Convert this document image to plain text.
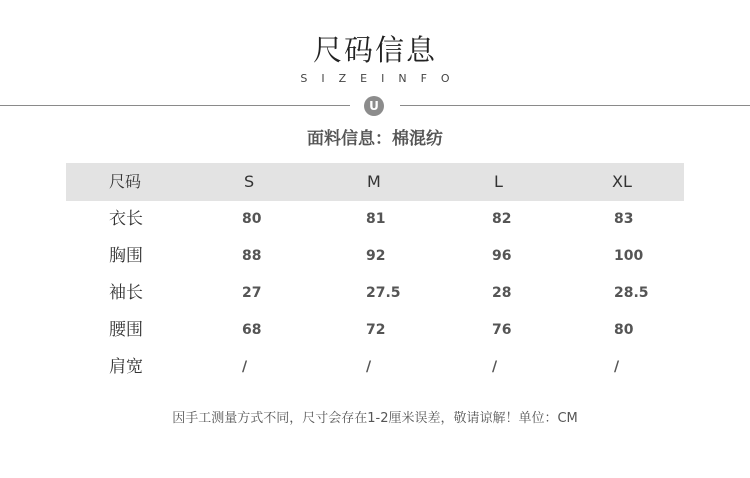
尺码信息
SIZEINFO
U
面料信息：棉混纺
尺码	S	M	L	XL
衣长	80	81	82	83
胸围	88	92	96	100
袖长	27	27.5	28	28.5
腰围	68	72	76	80
肩宽	/	/	/	/
因手工测量方式不同，尺寸会存在1-2厘米误差，敬请谅解！单位：CM
